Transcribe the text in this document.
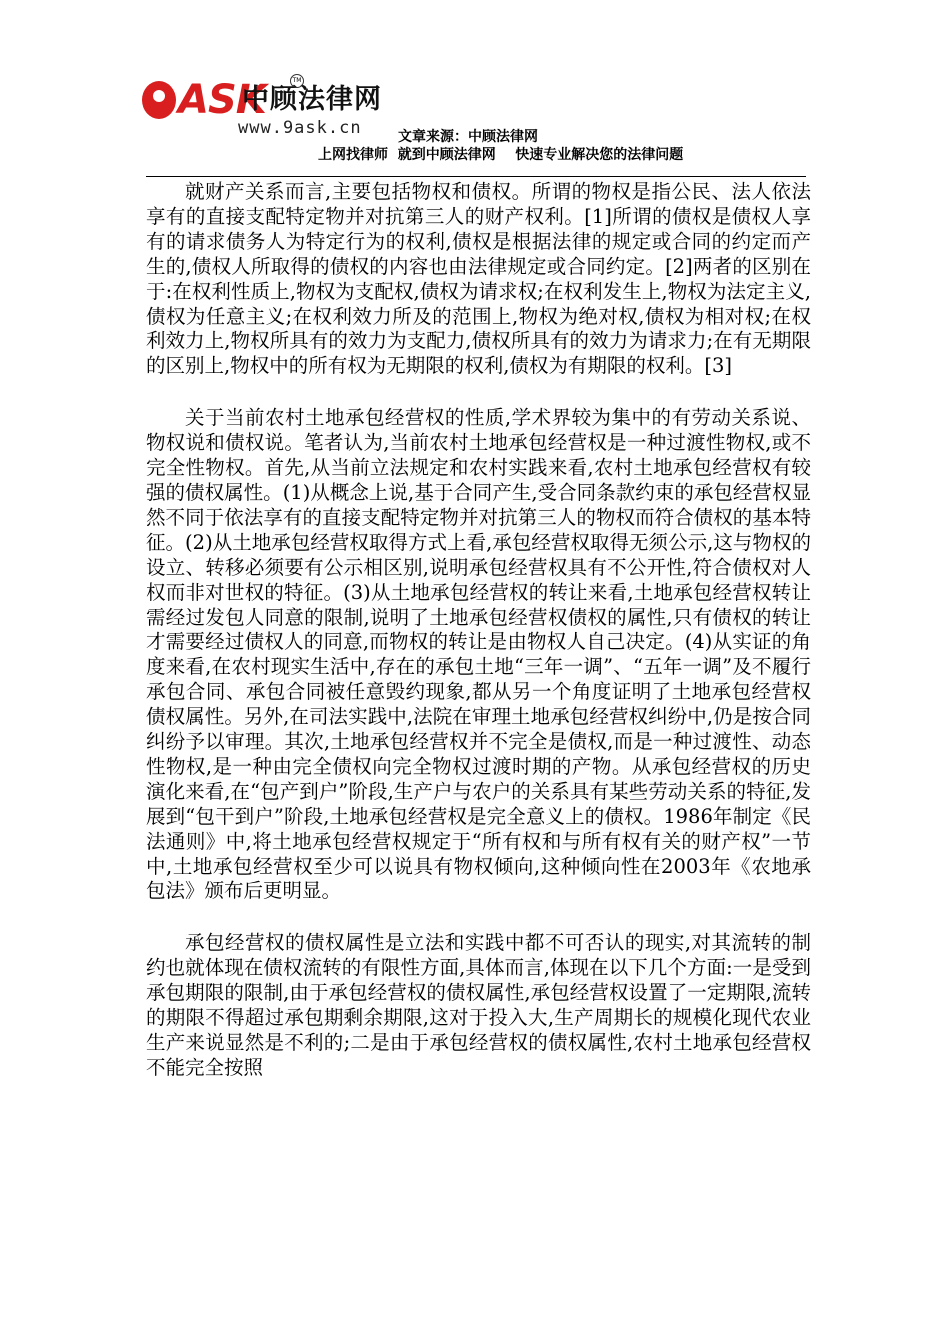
ASK
中顾法律网
TM
www.9ask.cn	文章来源：中顾法律网
上网找律师  就到中顾法律网    快速专业解决您的法律问题

就财产关系而言,主要包括物权和债权。所谓的物权是指公民、法人依法享有的直接支配特定物并对抗第三人的财产权利。[1]所谓的债权是债权人享有的请求债务人为特定行为的权利,债权是根据法律的规定或合同的约定而产生的,债权人所取得的债权的内容也由法律规定或合同约定。[2]两者的区别在于:在权利性质上,物权为支配权,债权为请求权;在权利发生上,物权为法定主义,债权为任意主义;在权利效力所及的范围上,物权为绝对权,债权为相对权;在权利效力上,物权所具有的效力为支配力,债权所具有的效力为请求力;在有无期限的区别上,物权中的所有权为无期限的权利,债权为有期限的权利。[3]

关于当前农村土地承包经营权的性质,学术界较为集中的有劳动关系说、物权说和债权说。笔者认为,当前农村土地承包经营权是一种过渡性物权,或不完全性物权。首先,从当前立法规定和农村实践来看,农村土地承包经营权有较强的债权属性。(1)从概念上说,基于合同产生,受合同条款约束的承包经营权显然不同于依法享有的直接支配特定物并对抗第三人的物权而符合债权的基本特征。(2)从土地承包经营权取得方式上看,承包经营权取得无须公示,这与物权的设立、转移必须要有公示相区别,说明承包经营权具有不公开性,符合债权对人权而非对世权的特征。(3)从土地承包经营权的转让来看,土地承包经营权转让需经过发包人同意的限制,说明了土地承包经营权债权的属性,只有债权的转让才需要经过债权人的同意,而物权的转让是由物权人自己决定。(4)从实证的角度来看,在农村现实生活中,存在的承包土地“三年一调”、“五年一调”及不履行承包合同、承包合同被任意毁约现象,都从另一个角度证明了土地承包经营权债权属性。另外,在司法实践中,法院在审理土地承包经营权纠纷中,仍是按合同纠纷予以审理。其次,土地承包经营权并不完全是债权,而是一种过渡性、动态性物权,是一种由完全债权向完全物权过渡时期的产物。从承包经营权的历史演化来看,在“包产到户”阶段,生产户与农户的关系具有某些劳动关系的特征,发展到“包干到户”阶段,土地承包经营权是完全意义上的债权。1986年制定《民法通则》中,将土地承包经营权规定于“所有权和与所有权有关的财产权”一节中,土地承包经营权至少可以说具有物权倾向,这种倾向性在2003年《农地承包法》颁布后更明显。

承包经营权的债权属性是立法和实践中都不可否认的现实,对其流转的制约也就体现在债权流转的有限性方面,具体而言,体现在以下几个方面:一是受到承包期限的限制,由于承包经营权的债权属性,承包经营权设置了一定期限,流转的期限不得超过承包期剩余期限,这对于投入大,生产周期长的规模化现代农业生产来说显然是不利的;二是由于承包经营权的债权属性,农村土地承包经营权不能完全按照
